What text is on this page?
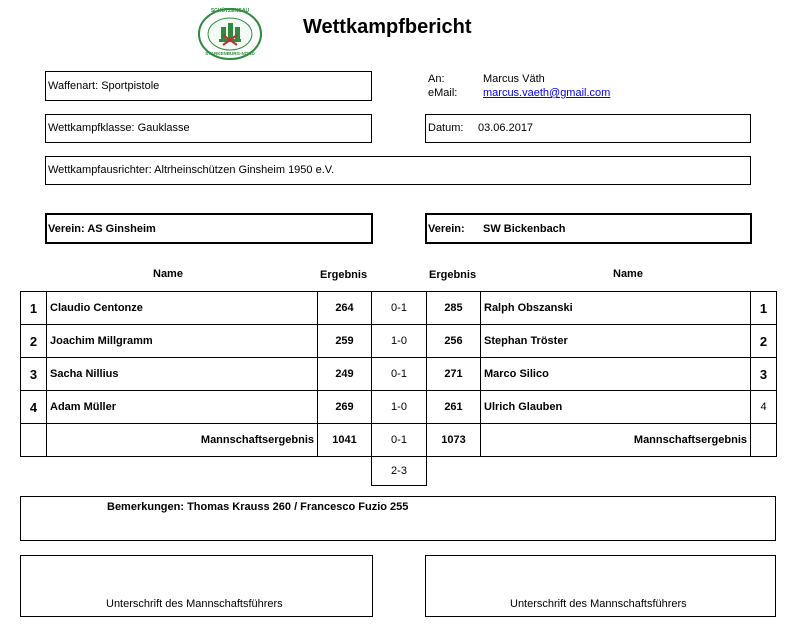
SCHÜTZENGAU
STARKENBURG-NORD
Wettkampfbericht
Waffenart: Sportpistole
An:	Marcus Väth
eMail: marcus.vaeth@gmail.com
Wettkampfklasse: Gauklasse	Datum: 03.06.2017
Wettkampfausrichter: Altrheinschützen Ginsheim 1950 e.V.
Verein: AS Ginsheim	Verein: SW Bickenbach
Name	Ergebnis	Ergebnis	Name
1	Claudio Centonze	264	0-1	285	Ralph Obszanski	1
2	Joachim Millgramm	259	1-0	256	Stephan Tröster	2
3	Sacha Nillius	249	0-1	271	Marco Silico	3
4	Adam Müller	269	1-0	261	Ulrich Glauben	4
Mannschaftsergebnis	1041	0-1	1073	Mannschaftsergebnis
2-3
Bemerkungen: Thomas Krauss 260 / Francesco Fuzio 255
Unterschrift des Mannschaftsführers	Unterschrift des Mannschaftsführers
